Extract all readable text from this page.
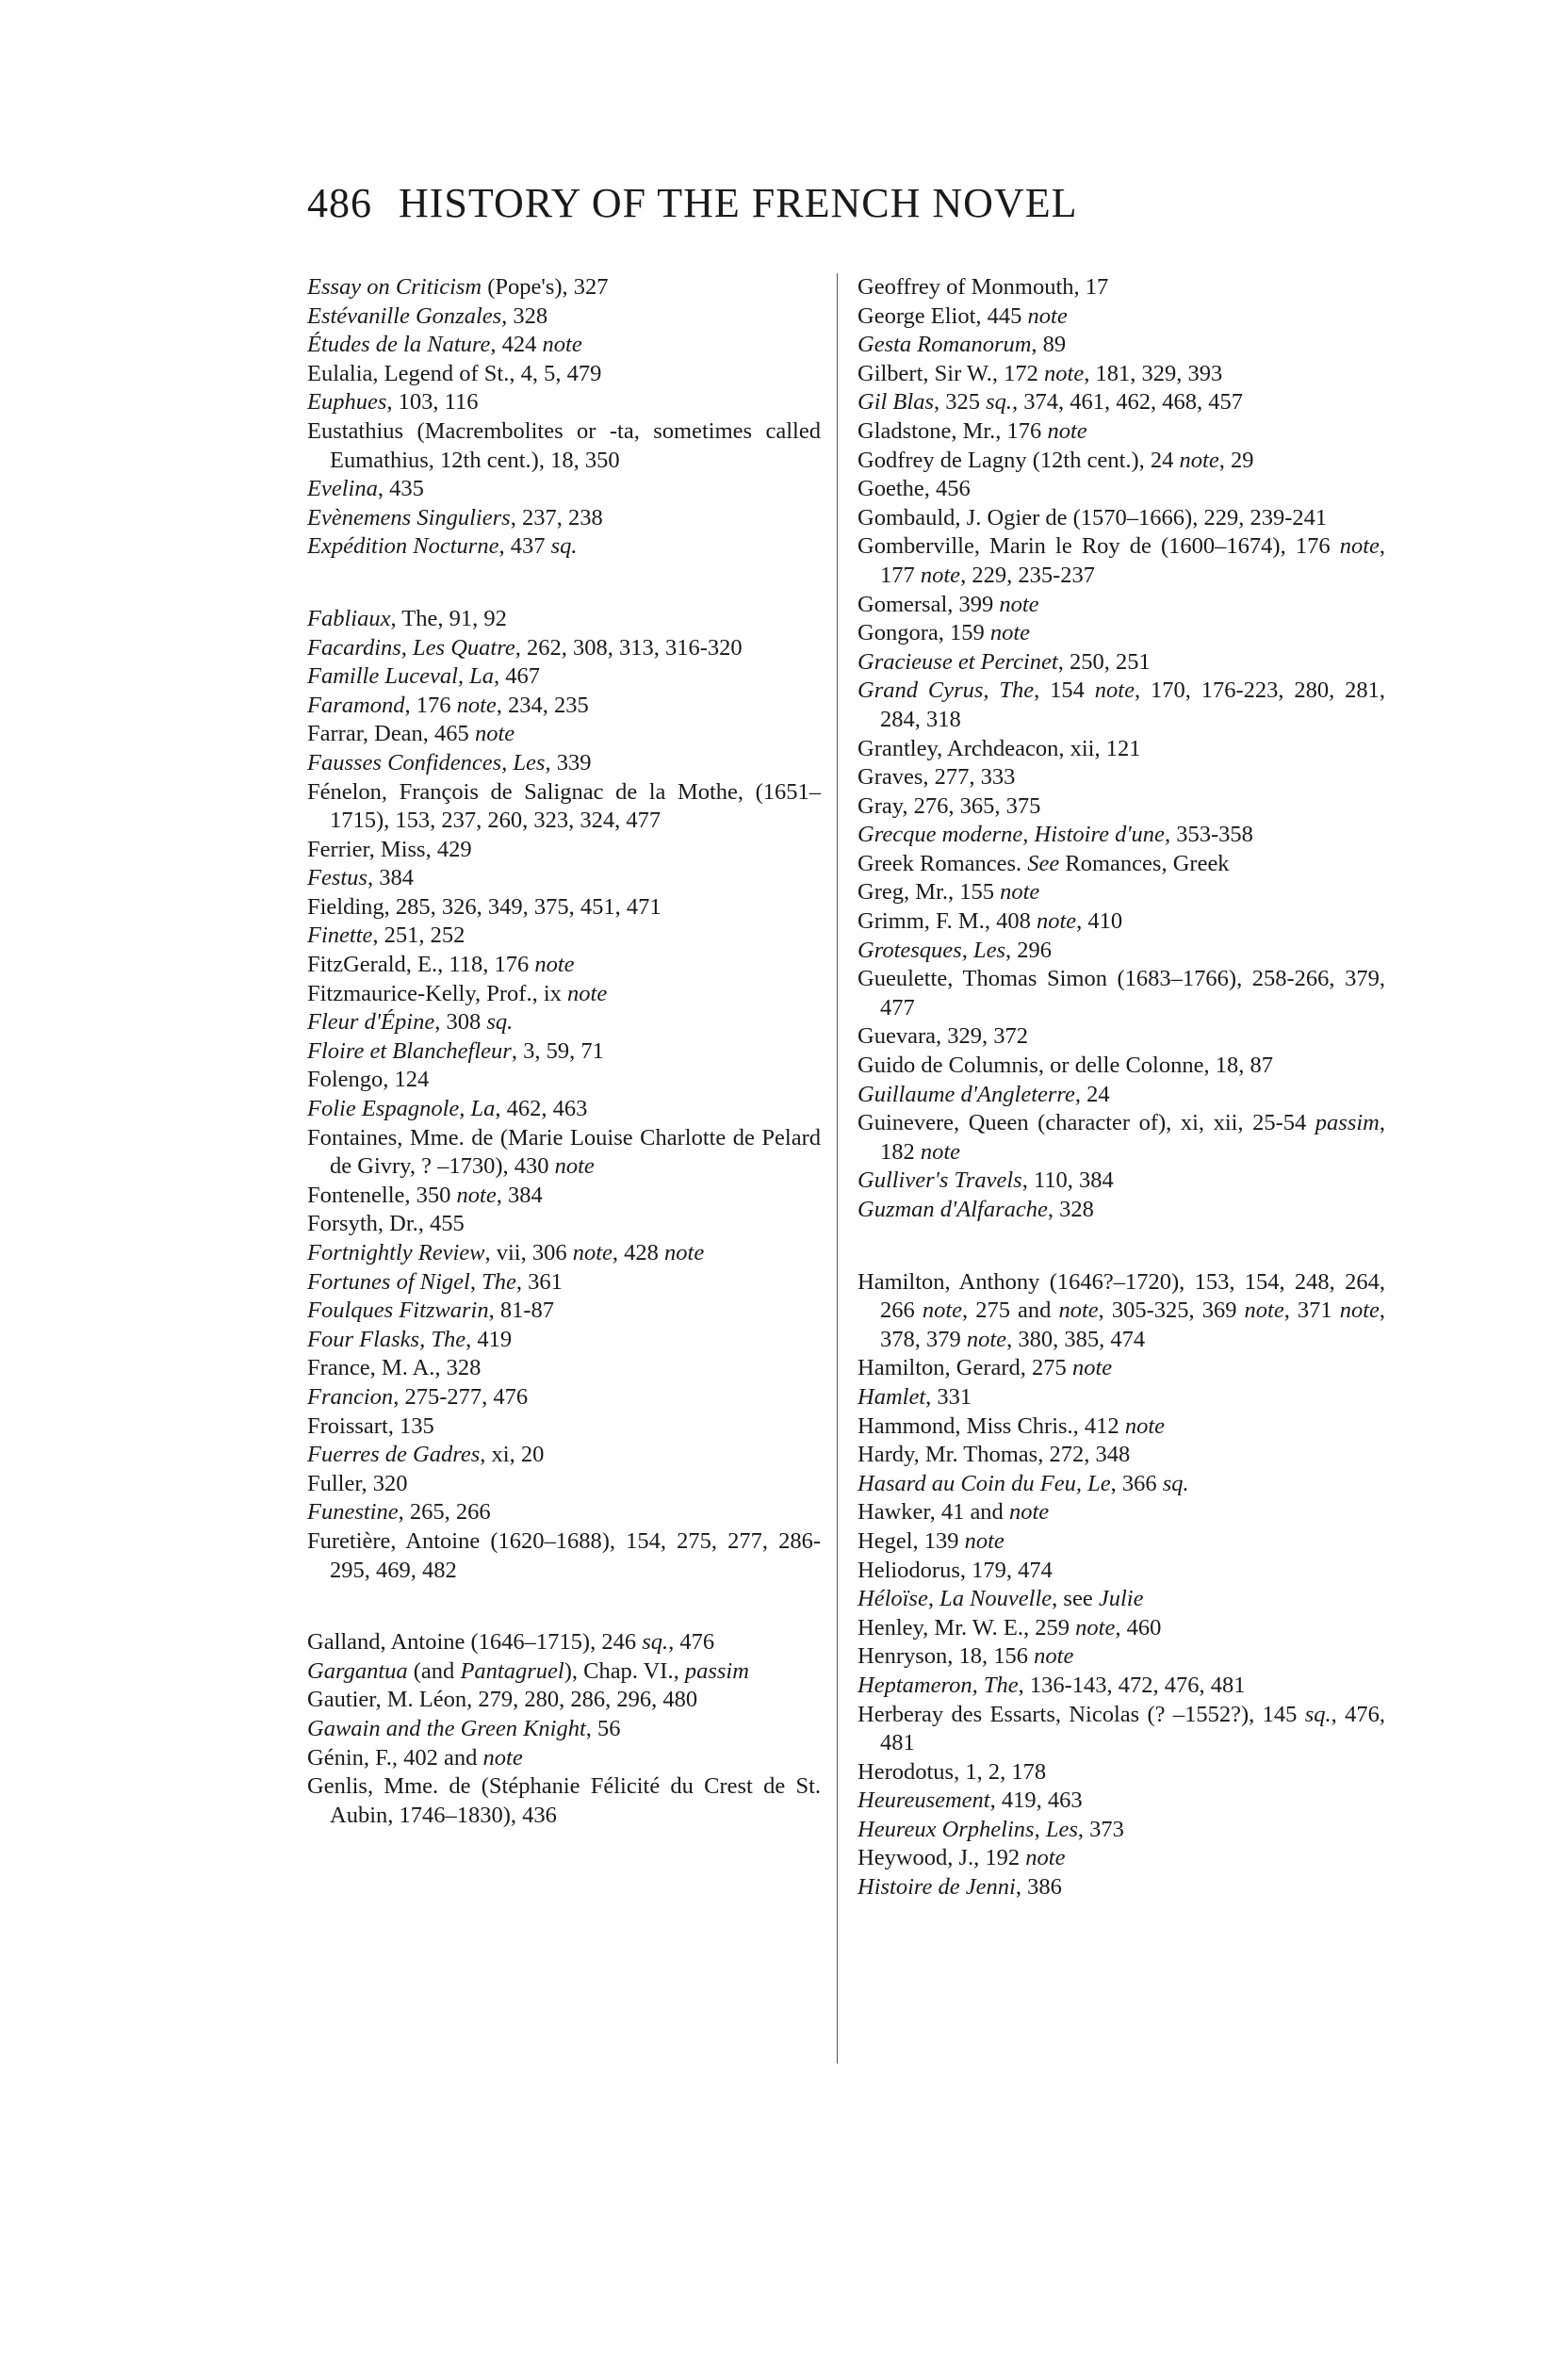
486 HISTORY OF THE FRENCH NOVEL
Essay on Criticism (Pope's), 327
Estévanille Gonzales, 328
Études de la Nature, 424 note
Eulalia, Legend of St., 4, 5, 479
Euphues, 103, 116
Eustathius (Macrembolites or -ta, sometimes called Eumathius, 12th cent.), 18, 350
Evelina, 435
Evènemens Singuliers, 237, 238
Expédition Nocturne, 437 sq.
Fabliaux, The, 91, 92
Facardins, Les Quatre, 262, 308, 313, 316-320
Famille Luceval, La, 467
Faramond, 176 note, 234, 235
Farrar, Dean, 465 note
Fausses Confidences, Les, 339
Fénelon, François de Salignac de la Mothe, (1651–1715), 153, 237, 260, 323, 324, 477
Ferrier, Miss, 429
Festus, 384
Fielding, 285, 326, 349, 375, 451, 471
Finette, 251, 252
FitzGerald, E., 118, 176 note
Fitzmaurice-Kelly, Prof., ix note
Fleur d'Épine, 308 sq.
Floire et Blanchefleur, 3, 59, 71
Folengo, 124
Folie Espagnole, La, 462, 463
Fontaines, Mme. de (Marie Louise Charlotte de Pelard de Givry, ? –1730), 430 note
Fontenelle, 350 note, 384
Forsyth, Dr., 455
Fortnightly Review, vii, 306 note, 428 note
Fortunes of Nigel, The, 361
Foulques Fitzwarin, 81-87
Four Flasks, The, 419
France, M. A., 328
Francion, 275-277, 476
Froissart, 135
Fuerres de Gadres, xi, 20
Fuller, 320
Funestine, 265, 266
Furetière, Antoine (1620–1688), 154, 275, 277, 286-295, 469, 482
Galland, Antoine (1646–1715), 246 sq., 476
Gargantua (and Pantagruel), Chap. VI., passim
Gautier, M. Léon, 279, 280, 286, 296, 480
Gawain and the Green Knight, 56
Génin, F., 402 and note
Genlis, Mme. de (Stéphanie Félicité du Crest de St. Aubin, 1746–1830), 436
Geoffrey of Monmouth, 17
George Eliot, 445 note
Gesta Romanorum, 89
Gilbert, Sir W., 172 note, 181, 329, 393
Gil Blas, 325 sq., 374, 461, 462, 468, 457
Gladstone, Mr., 176 note
Godfrey de Lagny (12th cent.), 24 note, 29
Goethe, 456
Gombauld, J. Ogier de (1570–1666), 229, 239-241
Gomberville, Marin le Roy de (1600–1674), 176 note, 177 note, 229, 235-237
Gomersal, 399 note
Gongora, 159 note
Gracieuse et Percinet, 250, 251
Grand Cyrus, The, 154 note, 170, 176-223, 280, 281, 284, 318
Grantley, Archdeacon, xii, 121
Graves, 277, 333
Gray, 276, 365, 375
Grecque moderne, Histoire d'une, 353-358
Greek Romances. See Romances, Greek
Greg, Mr., 155 note
Grimm, F. M., 408 note, 410
Grotesques, Les, 296
Gueulette, Thomas Simon (1683–1766), 258-266, 379, 477
Guevara, 329, 372
Guido de Columnis, or delle Colonne, 18, 87
Guillaume d'Angleterre, 24
Guinevere, Queen (character of), xi, xii, 25-54 passim, 182 note
Gulliver's Travels, 110, 384
Guzman d'Alfarache, 328
Hamilton, Anthony (1646?–1720), 153, 154, 248, 264, 266 note, 275 and note, 305-325, 369 note, 371 note, 378, 379 note, 380, 385, 474
Hamilton, Gerard, 275 note
Hamlet, 331
Hammond, Miss Chris., 412 note
Hardy, Mr. Thomas, 272, 348
Hasard au Coin du Feu, Le, 366 sq.
Hawker, 41 and note
Hegel, 139 note
Heliodorus, 179, 474
Héloïse, La Nouvelle, see Julie
Henley, Mr. W. E., 259 note, 460
Henryson, 18, 156 note
Heptameron, The, 136-143, 472, 476, 481
Herberay des Essarts, Nicolas (? –1552?), 145 sq., 476, 481
Herodotus, 1, 2, 178
Heureusement, 419, 463
Heureux Orphelins, Les, 373
Heywood, J., 192 note
Histoire de Jenni, 386
